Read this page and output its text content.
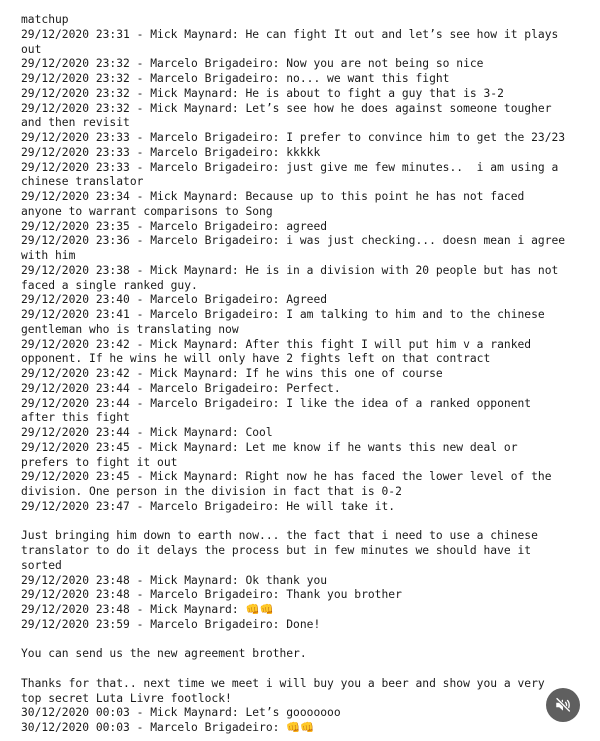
matchup
29/12/2020 23:31 - Mick Maynard: He can fight It out and let’s see how it plays
out
29/12/2020 23:32 - Marcelo Brigadeiro: Now you are not being so nice
29/12/2020 23:32 - Marcelo Brigadeiro: no... we want this fight
29/12/2020 23:32 - Mick Maynard: He is about to fight a guy that is 3-2
29/12/2020 23:32 - Mick Maynard: Let’s see how he does against someone tougher
and then revisit
29/12/2020 23:33 - Marcelo Brigadeiro: I prefer to convince him to get the 23/23
29/12/2020 23:33 - Marcelo Brigadeiro: kkkkk
29/12/2020 23:33 - Marcelo Brigadeiro: just give me few minutes..  i am using a
chinese translator
29/12/2020 23:34 - Mick Maynard: Because up to this point he has not faced
anyone to warrant comparisons to Song
29/12/2020 23:35 - Marcelo Brigadeiro: agreed
29/12/2020 23:36 - Marcelo Brigadeiro: i was just checking... doesn mean i agree
with him
29/12/2020 23:38 - Mick Maynard: He is in a division with 20 people but has not
faced a single ranked guy.
29/12/2020 23:40 - Marcelo Brigadeiro: Agreed
29/12/2020 23:41 - Marcelo Brigadeiro: I am talking to him and to the chinese
gentleman who is translating now
29/12/2020 23:42 - Mick Maynard: After this fight I will put him v a ranked
opponent. If he wins he will only have 2 fights left on that contract
29/12/2020 23:42 - Mick Maynard: If he wins this one of course
29/12/2020 23:44 - Marcelo Brigadeiro: Perfect.
29/12/2020 23:44 - Marcelo Brigadeiro: I like the idea of a ranked opponent
after this fight
29/12/2020 23:44 - Mick Maynard: Cool
29/12/2020 23:45 - Mick Maynard: Let me know if he wants this new deal or
prefers to fight it out
29/12/2020 23:45 - Mick Maynard: Right now he has faced the lower level of the
division. One person in the division in fact that is 0-2
29/12/2020 23:47 - Marcelo Brigadeiro: He will take it.
Just bringing him down to earth now... the fact that i need to use a chinese
translator to do it delays the process but in few minutes we should have it
sorted
29/12/2020 23:48 - Mick Maynard: Ok thank you
29/12/2020 23:48 - Marcelo Brigadeiro: Thank you brother
29/12/2020 23:48 - Mick Maynard: 👊👊
29/12/2020 23:59 - Marcelo Brigadeiro: Done!
You can send us the new agreement brother.
Thanks for that.. next time we meet i will buy you a beer and show you a very
top secret Luta Livre footlock!
30/12/2020 00:03 - Mick Maynard: Let’s gooooooo
30/12/2020 00:03 - Marcelo Brigadeiro: 👊👊
